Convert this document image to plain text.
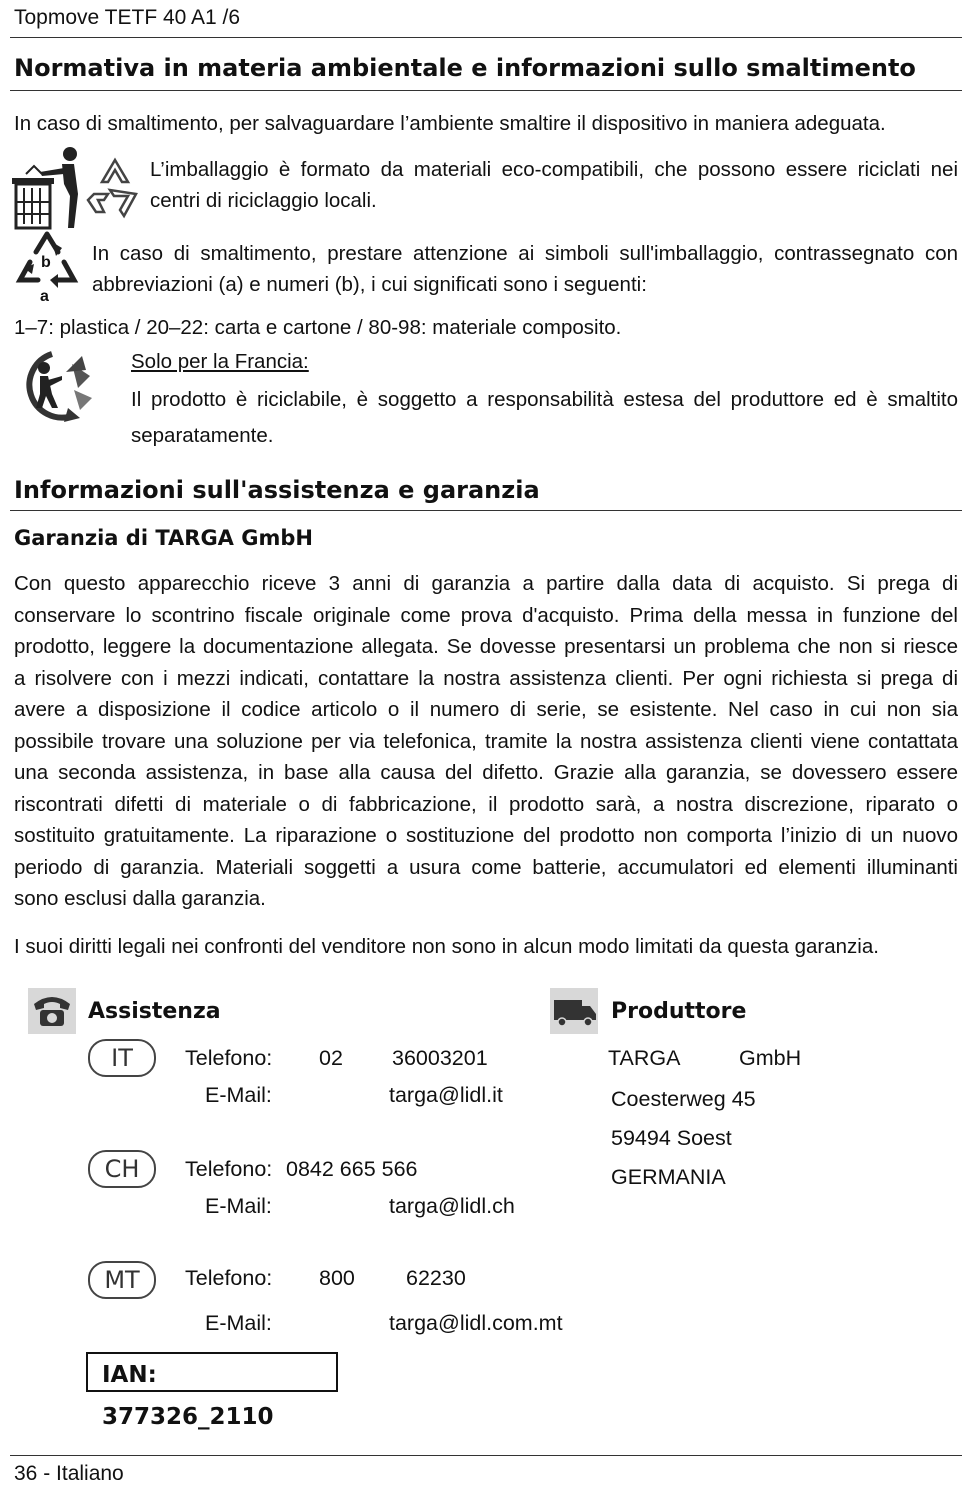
Topmove TETF 40 A1 /6
Normativa in materia ambientale e informazioni sullo smaltimento
In caso di smaltimento, per salvaguardare l’ambiente smaltire il dispositivo in maniera adeguata.
L’imballaggio è formato da materiali eco-compatibili, che possono essere riciclati nei
centri di riciclaggio locali.
b
a
In caso di smaltimento, prestare attenzione ai simboli sull'imballaggio, contrassegnato con
abbreviazioni (a) e numeri (b), i cui significati sono i seguenti:
1–7: plastica / 20–22: carta e cartone / 80-98: materiale composito.
Solo per la Francia:
Il prodotto è riciclabile, è soggetto a responsabilità estesa del produttore ed è smaltito
separatamente.
Informazioni sull'assistenza e garanzia
Garanzia di TARGA GmbH
Con questo apparecchio riceve 3 anni di garanzia a partire dalla data di acquisto. Si prega di
conservare lo scontrino fiscale originale come prova d'acquisto. Prima della messa in funzione del
prodotto, leggere la documentazione allegata. Se dovesse presentarsi un problema che non si riesce
a risolvere con i mezzi indicati, contattare la nostra assistenza clienti. Per ogni richiesta si prega di
avere a disposizione il codice articolo o il numero di serie, se esistente. Nel caso in cui non sia
possibile trovare una soluzione per via telefonica, tramite la nostra assistenza clienti viene contattata
una seconda assistenza, in base alla causa del difetto. Grazie alla garanzia, se dovessero essere
riscontrati difetti di materiale o di fabbricazione, il prodotto sarà, a nostra discrezione, riparato o
sostituito gratuitamente. La riparazione o sostituzione del prodotto non comporta l’inizio di un nuovo
periodo di garanzia. Materiali soggetti a usura come batterie, accumulatori ed elementi illuminanti
sono esclusi dalla garanzia.
I suoi diritti legali nei confronti del venditore non sono in alcun modo limitati da questa garanzia.
Assistenza
IT	Telefono: 02 36003201
E-Mail:	targa@lidl.it
CH	Telefono: 0842 665 566
E-Mail:	targa@lidl.ch
MT	Telefono: 800 62230
E-Mail:	targa@lidl.com.mt
Produttore
TARGA	GmbH
Coesterweg 45
59494 Soest
GERMANIA
IAN: 377326_2110
36 - Italiano
